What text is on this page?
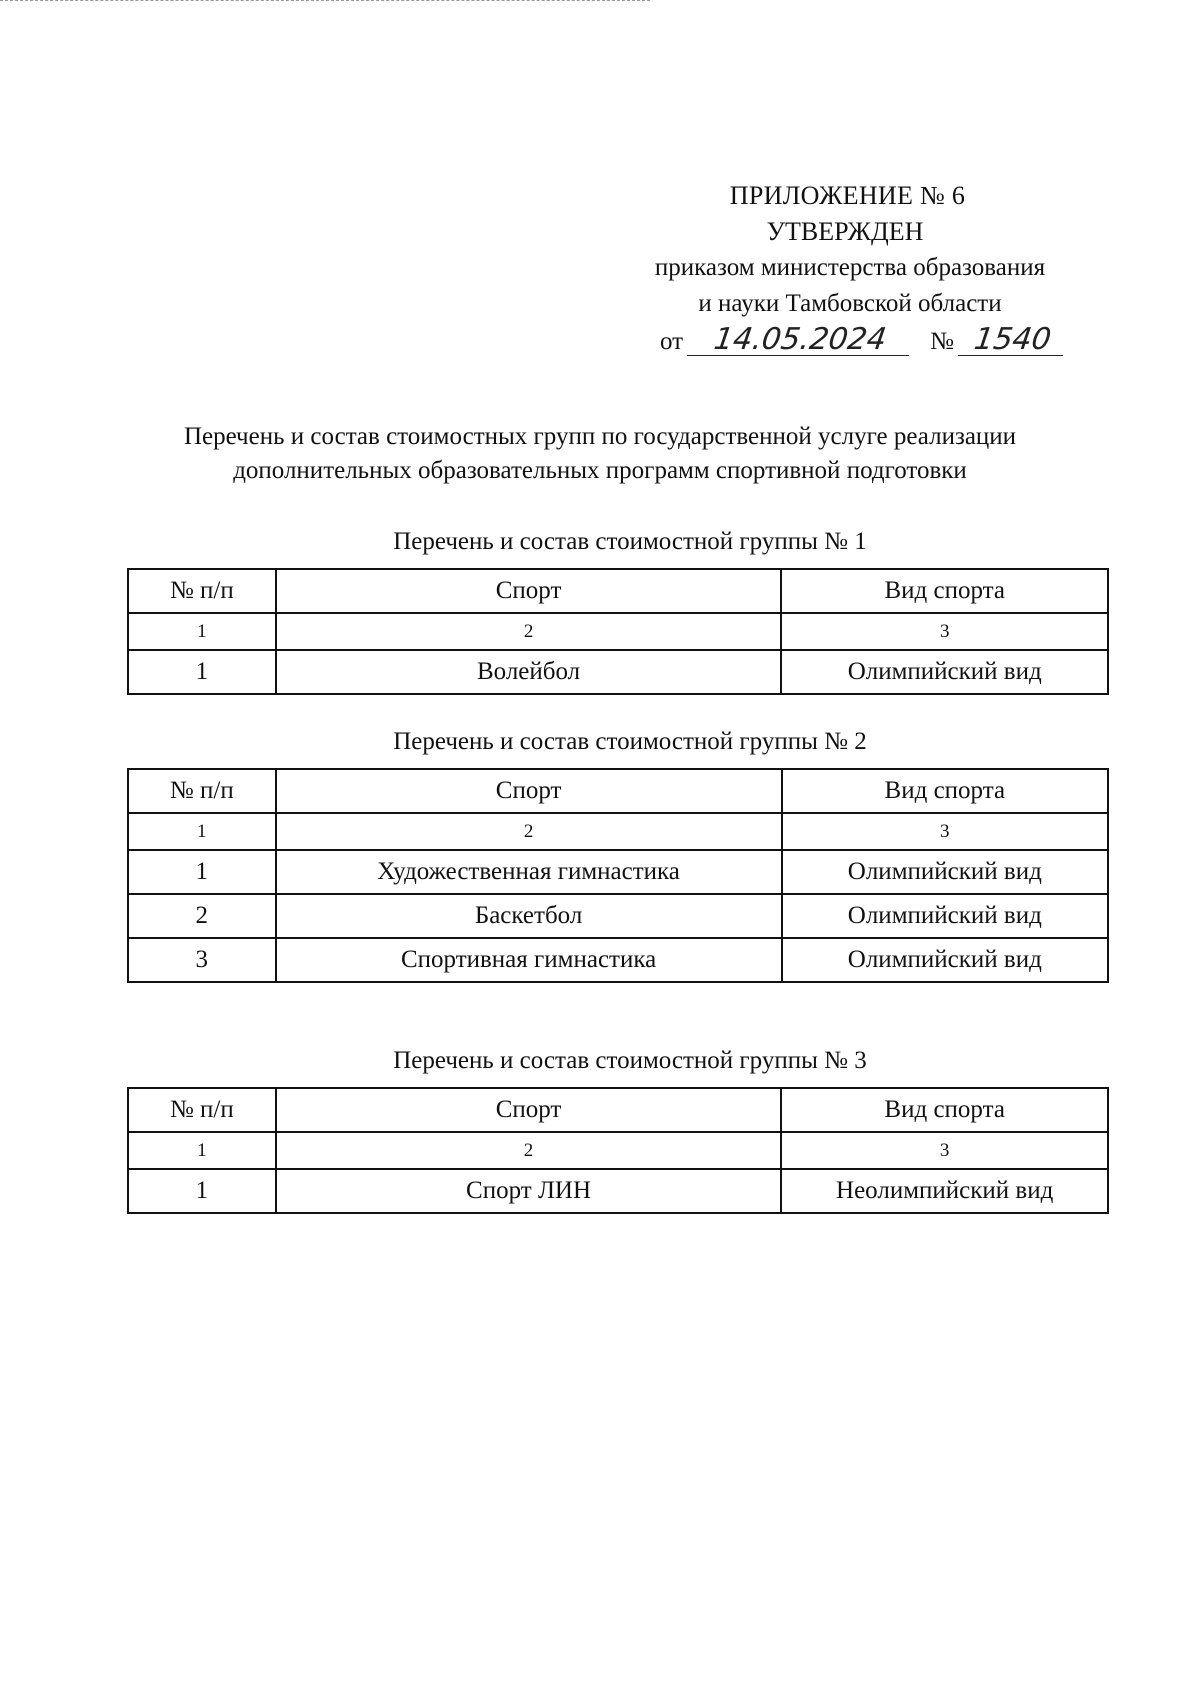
ПРИЛОЖЕНИЕ № 6
УТВЕРЖДЕН
приказом министерства образования
и науки Тамбовской области
от 14.05.2024 № 1540
Перечень и состав стоимостных групп по государственной услуге реализации
дополнительных образовательных программ спортивной подготовки
Перечень и состав стоимостной группы № 1
№ п/п	Спорт	Вид спорта
1	2	3
1	Волейбол	Олимпийский вид
Перечень и состав стоимостной группы № 2
№ п/п	Спорт	Вид спорта
1	2	3
1	Художественная гимнастика	Олимпийский вид
2	Баскетбол	Олимпийский вид
3	Спортивная гимнастика	Олимпийский вид
Перечень и состав стоимостной группы № 3
№ п/п	Спорт	Вид спорта
1	2	3
1	Спорт ЛИН	Неолимпийский вид
